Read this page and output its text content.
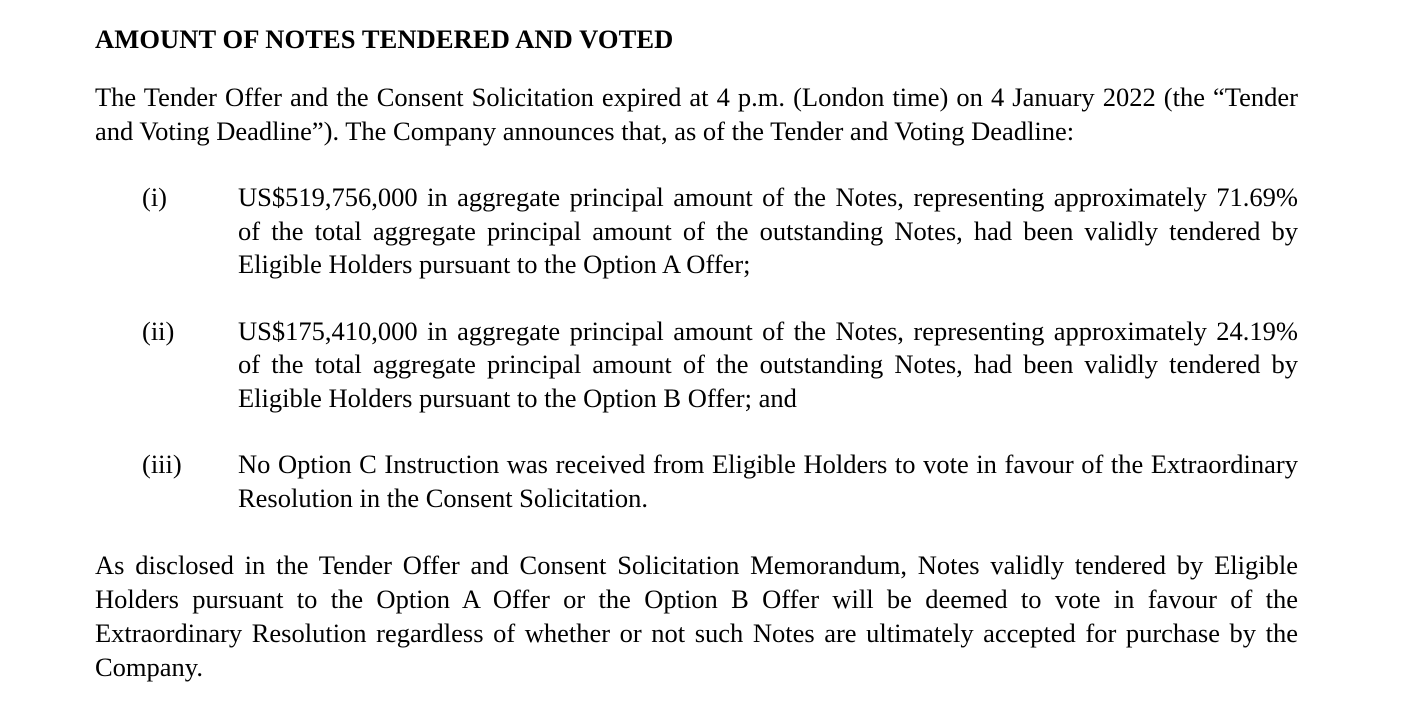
AMOUNT OF NOTES TENDERED AND VOTED

The Tender Offer and the Consent Solicitation expired at 4 p.m. (London time) on 4 January 2022 (the “Tender and Voting Deadline”). The Company announces that, as of the Tender and Voting Deadline:

(i)	US$519,756,000 in aggregate principal amount of the Notes, representing approximately 71.69% of the total aggregate principal amount of the outstanding Notes, had been validly tendered by Eligible Holders pursuant to the Option A Offer;
(ii) US$175,410,000 in aggregate principal amount of the Notes, representing approximately 24.19% of the total aggregate principal amount of the outstanding Notes, had been validly tendered by Eligible Holders pursuant to the Option B Offer; and
(iii) No Option C Instruction was received from Eligible Holders to vote in favour of the Extraordinary Resolution in the Consent Solicitation.

As disclosed in the Tender Offer and Consent Solicitation Memorandum, Notes validly tendered by Eligible Holders pursuant to the Option A Offer or the Option B Offer will be deemed to vote in favour of the Extraordinary Resolution regardless of whether or not such Notes are ultimately accepted for purchase by the Company.
